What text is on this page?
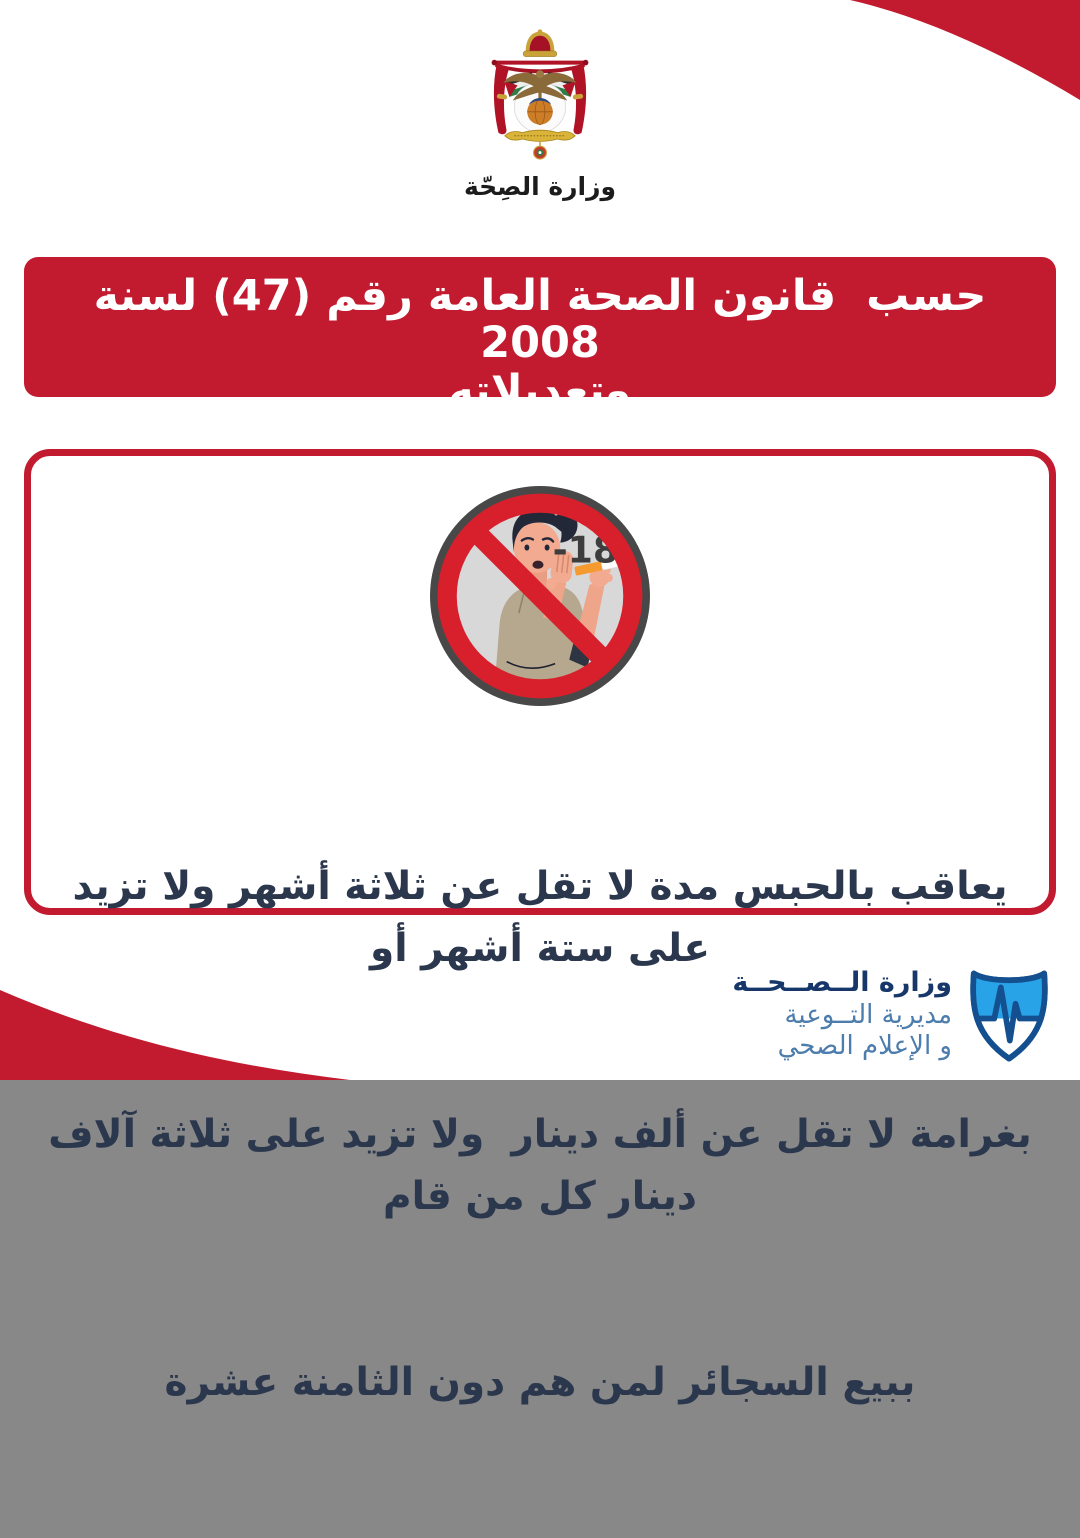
وزارة الصِحّة
حسب  قانون الصحة العامة رقم (47) لسنة 2008
وتعديلاته
-18

يعاقب بالحبس مدة لا تقل عن ثلاثة أشهر ولا تزيد على ستة أشهر أو

بغرامة لا تقل عن ألف دينار  ولا تزيد على ثلاثة آلاف دينار كل من قام

ببيع السجائر لمن هم دون الثامنة عشرة

وزارة الــصــحــة
مديرية التــوعية
و الإعلام الصحي
